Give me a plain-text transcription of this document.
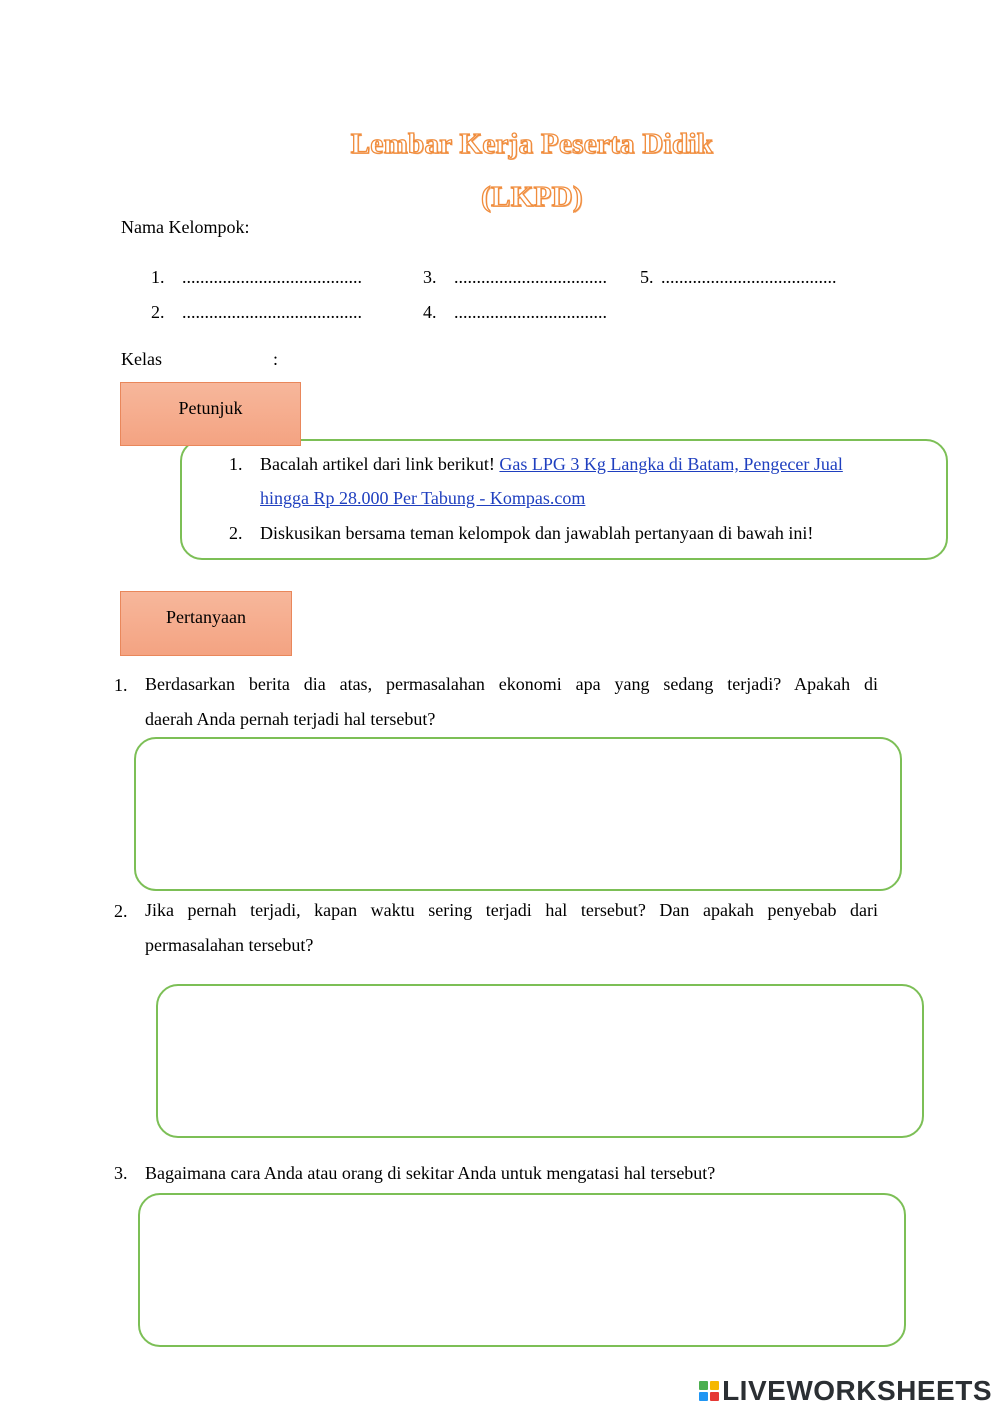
Lembar Kerja Peserta Didik
(LKPD)
Nama Kelompok:
1. ........................................
2. ........................................
3. ..................................
4. ..................................
5. .......................................
Kelas	:
Petunjuk
1. Bacalah artikel dari link berikut! Gas LPG 3 Kg Langka di Batam, Pengecer Jual
hingga Rp 28.000 Per Tabung - Kompas.com
2. Diskusikan bersama teman kelompok dan jawablah pertanyaan di bawah ini!
Pertanyaan
1. Berdasarkan berita dia atas, permasalahan ekonomi apa yang sedang terjadi? Apakah di
daerah Anda pernah terjadi hal tersebut?
2. Jika pernah terjadi, kapan waktu sering terjadi hal tersebut? Dan apakah penyebab dari
permasalahan tersebut?
3. Bagaimana cara Anda atau orang di sekitar Anda untuk mengatasi hal tersebut?
LIVEWORKSHEETS
